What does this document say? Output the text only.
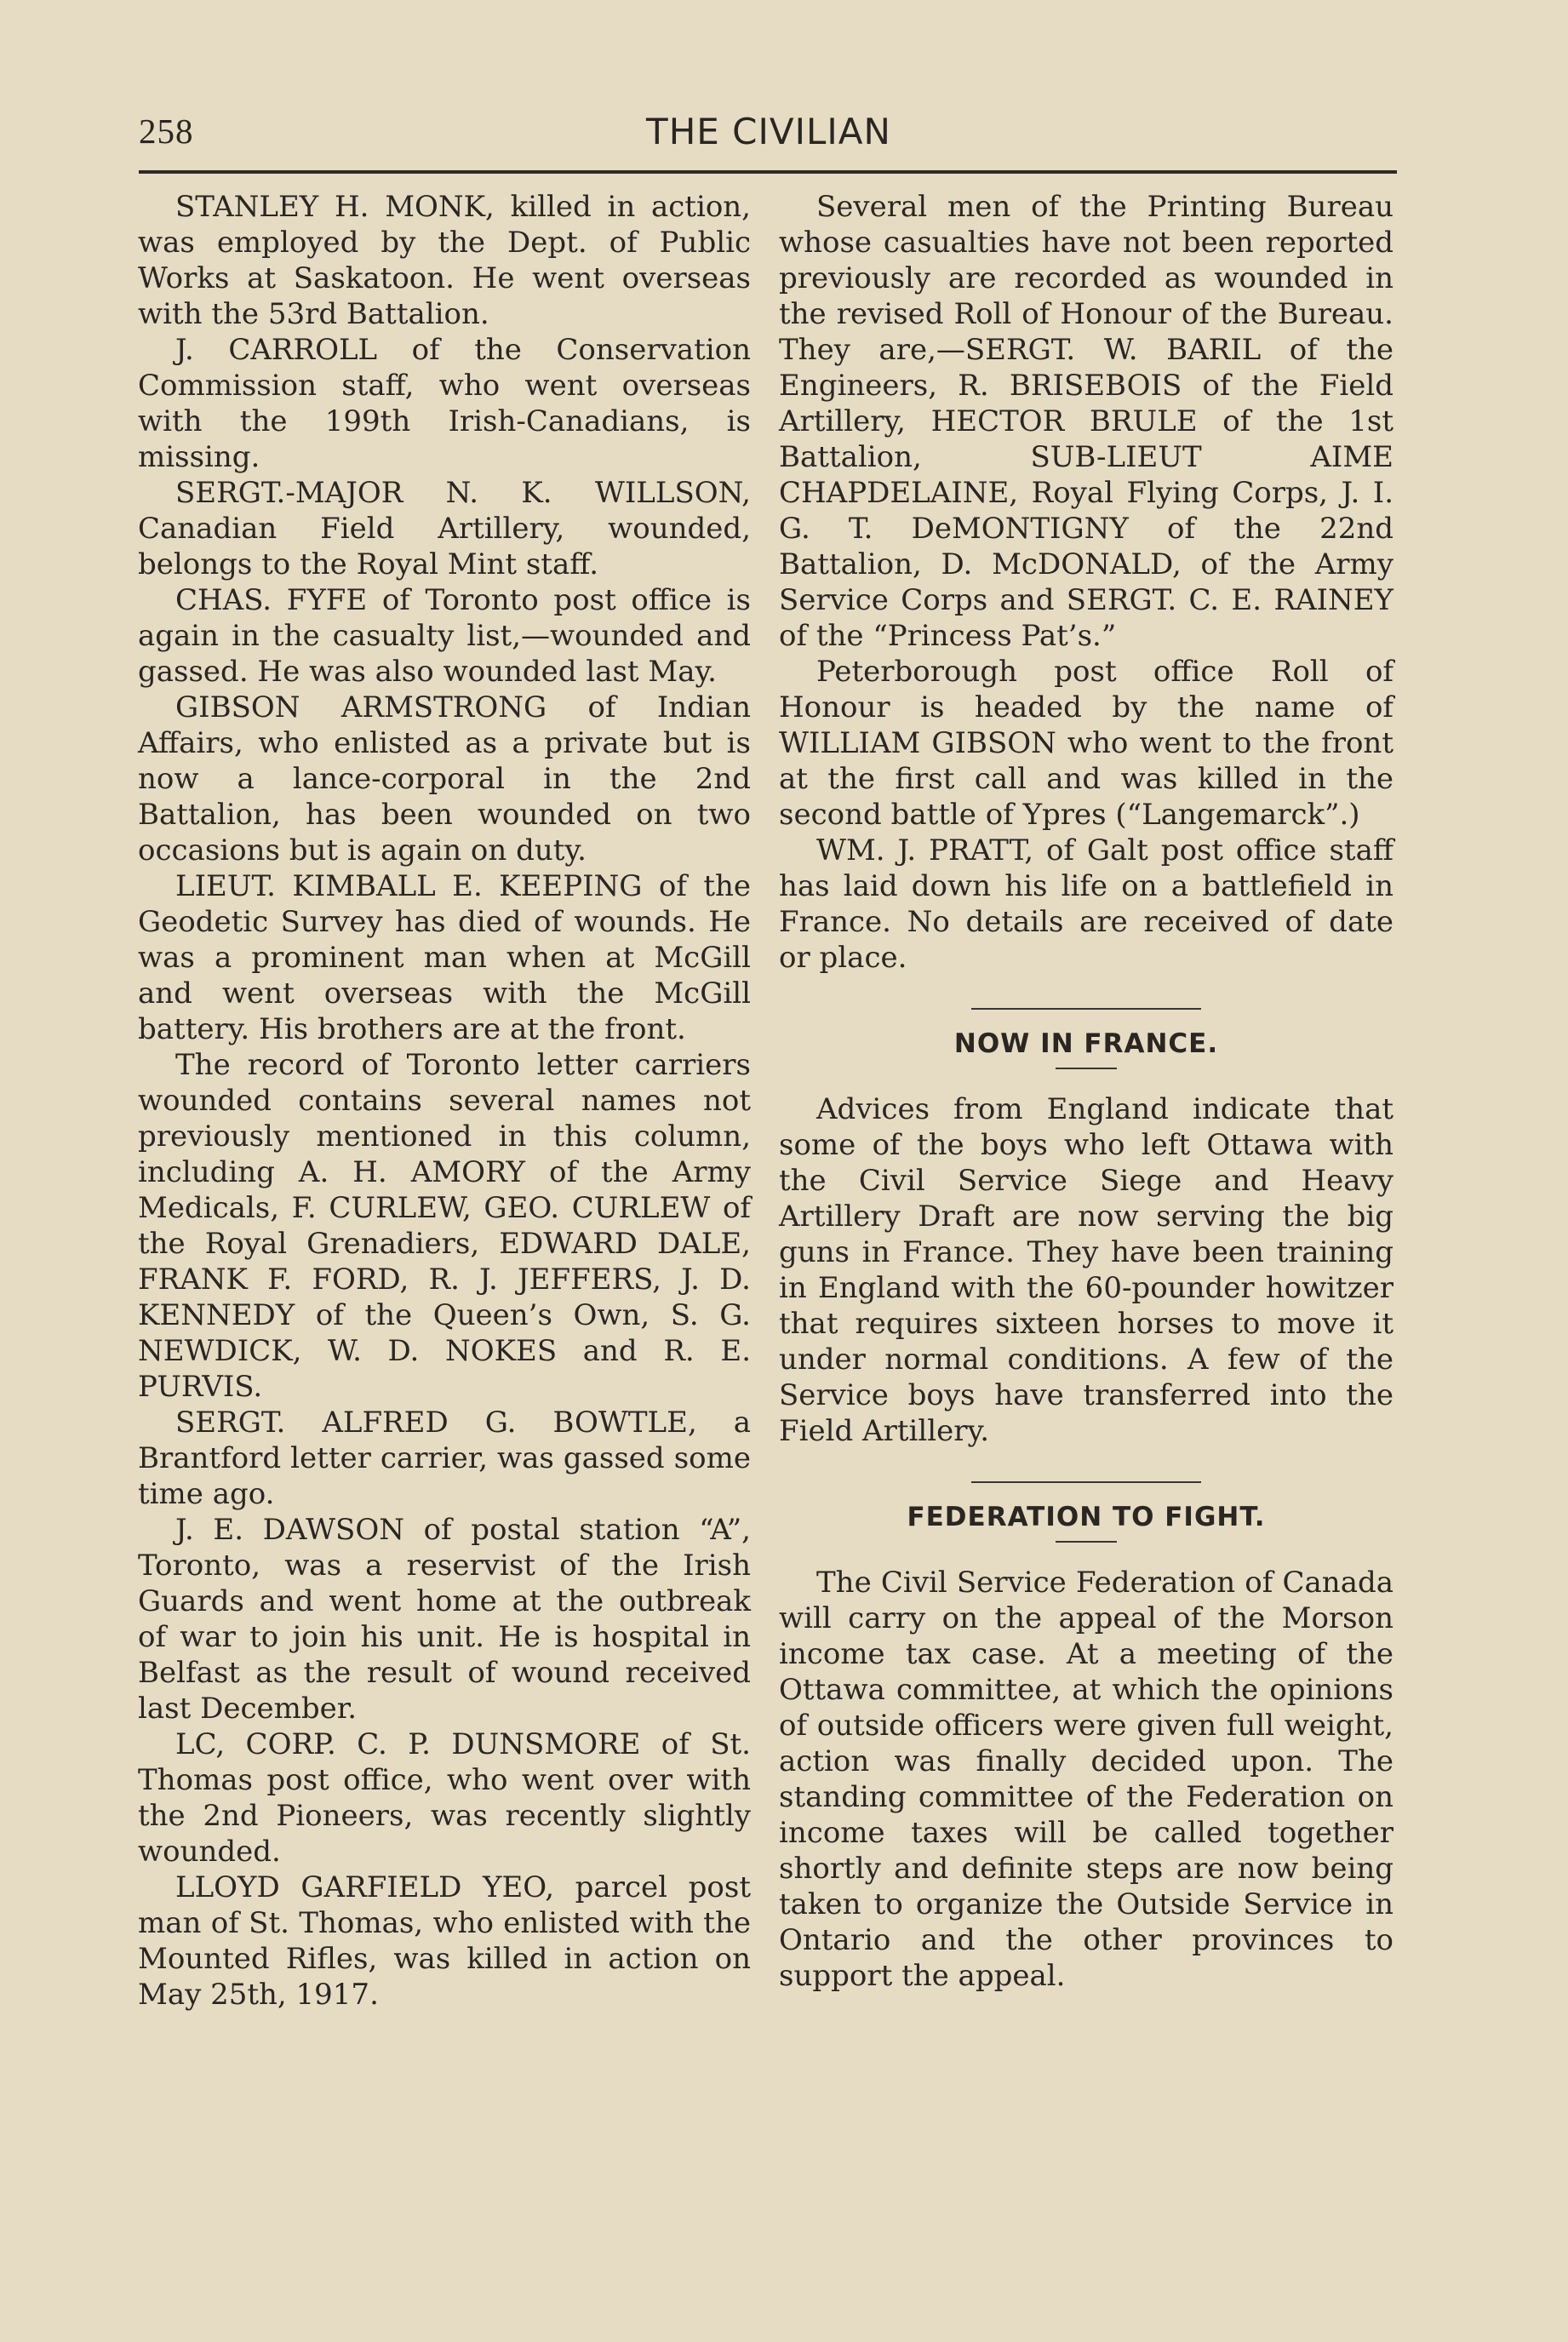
258	THE CIVILIAN

STANLEY H. MONK, killed in action, was employed by the Dept. of Public Works at Saskatoon. He went overseas with the 53rd Battalion.

J. CARROLL of the Conservation Commission staff, who went overseas with the 199th Irish-Canadians, is missing.

SERGT.-MAJOR N. K. WILLSON, Canadian Field Artillery, wounded, belongs to the Royal Mint staff.

CHAS. FYFE of Toronto post office is again in the casualty list,—wounded and gassed. He was also wounded last May.

GIBSON ARMSTRONG of Indian Affairs, who enlisted as a private but is now a lance-corporal in the 2nd Battalion, has been wounded on two occasions but is again on duty.

LIEUT. KIMBALL E. KEEPING of the Geodetic Survey has died of wounds. He was a prominent man when at McGill and went overseas with the McGill battery. His brothers are at the front.

The record of Toronto letter carriers wounded contains several names not previously mentioned in this column, including A. H. AMORY of the Army Medicals, F. CURLEW, GEO. CURLEW of the Royal Grenadiers, EDWARD DALE, FRANK F. FORD, R. J. JEFFERS, J. D. KENNEDY of the Queen’s Own, S. G. NEWDICK, W. D. NOKES and R. E. PURVIS.

SERGT. ALFRED G. BOWTLE, a Brantford letter carrier, was gassed some time ago.

J. E. DAWSON of postal station “A”, Toronto, was a reservist of the Irish Guards and went home at the outbreak of war to join his unit. He is hospital in Belfast as the result of wound received last December.

LC, CORP. C. P. DUNSMORE of St. Thomas post office, who went over with the 2nd Pioneers, was recently slightly wounded.

LLOYD GARFIELD YEO, parcel post man of St. Thomas, who enlisted with the Mounted Rifles, was killed in action on May 25th, 1917.

Several men of the Printing Bureau whose casualties have not been reported previously are recorded as wounded in the revised Roll of Honour of the Bureau. They are,—SERGT. W. BARIL of the Engineers, R. BRISEBOIS of the Field Artillery, HECTOR BRULE of the 1st Battalion, SUB-LIEUT AIME CHAPDELAINE, Royal Flying Corps, J. I. G. T. DeMONTIGNY of the 22nd Battalion, D. McDONALD, of the Army Service Corps and SERGT. C. E. RAINEY of the “Princess Pat’s.”

Peterborough post office Roll of Honour is headed by the name of WILLIAM GIBSON who went to the front at the first call and was killed in the second battle of Ypres (“Langemarck”.)

WM. J. PRATT, of Galt post office staff has laid down his life on a battlefield in France. No details are received of date or place.

NOW IN FRANCE.

Advices from England indicate that some of the boys who left Ottawa with the Civil Service Siege and Heavy Artillery Draft are now serving the big guns in France. They have been training in England with the 60-pounder howitzer that requires sixteen horses to move it under normal conditions. A few of the Service boys have transferred into the Field Artillery.

FEDERATION TO FIGHT.

The Civil Service Federation of Canada will carry on the appeal of the Morson income tax case. At a meeting of the Ottawa committee, at which the opinions of outside officers were given full weight, action was finally decided upon. The standing committee of the Federation on income taxes will be called together shortly and definite steps are now being taken to organize the Outside Service in Ontario and the other provinces to support the appeal.
